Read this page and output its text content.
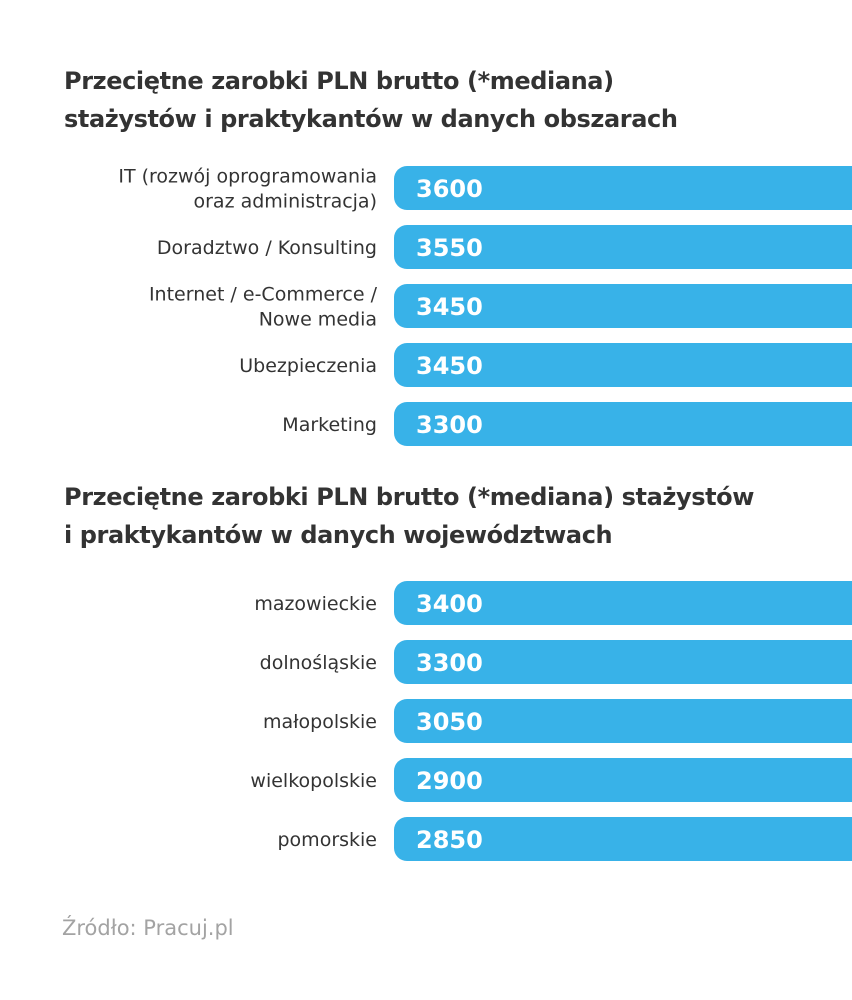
Przeciętne zarobki PLN brutto (*mediana)
stażystów i praktykantów w danych obszarach
3600
IT (rozwój oprogramowania oraz administracja)
3550
Doradztwo / Konsulting
3450
Internet / e-Commerce / Nowe media
3450
Ubezpieczenia
3300
Marketing
Przeciętne zarobki PLN brutto (*mediana) stażystów
i praktykantów w danych województwach
3400
mazowieckie
3300
dolnośląskie
3050
małopolskie
2900
wielkopolskie
2850
pomorskie
Źródło: Pracuj.pl
